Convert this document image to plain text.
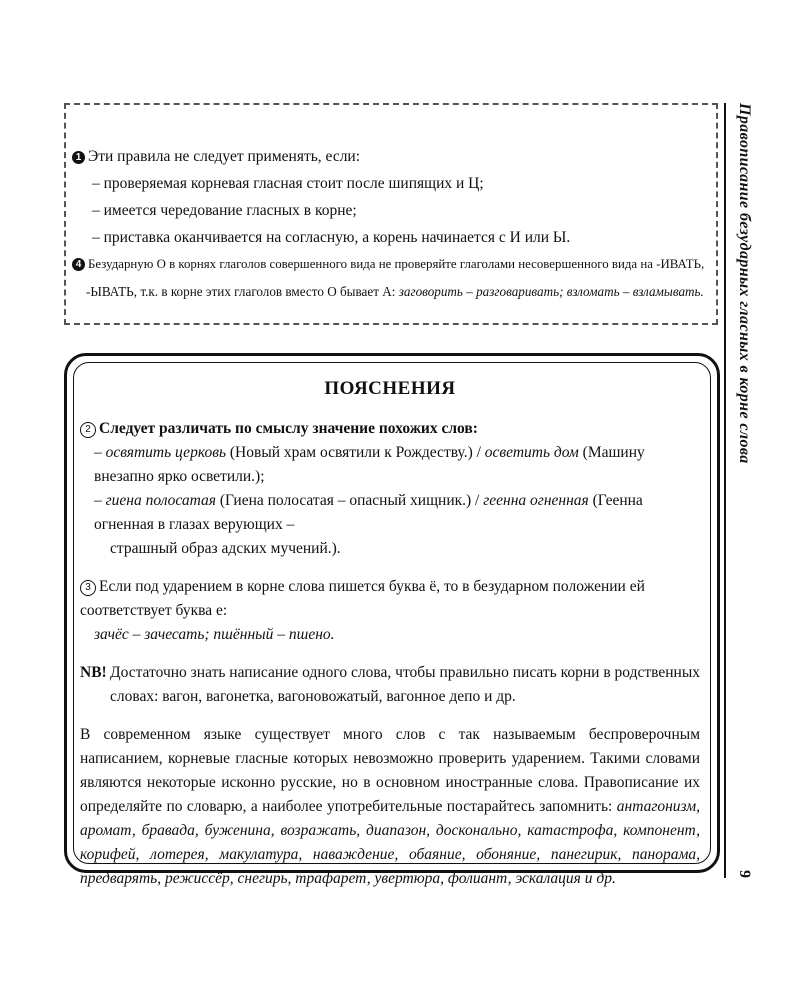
1 Эти правила не следует применять, если:
– проверяемая корневая гласная стоит после шипящих и Ц;
– имеется чередование гласных в корне;
– приставка оканчивается на согласную, а корень начинается с И или Ы.
4 Безударную О в корнях глаголов совершенного вида не проверяйте глаголами несовершенного вида на -ИВАТЬ,
-ЫВАТЬ, т.к. в корне этих глаголов вместо О бывает А: заговорить – разговаривать; взломать – взламывать.
ПОЯСНЕНИЯ
2 Следует различать по смыслу значение похожих слов:
– освятить церковь (Новый храм освятили к Рождеству.) / осветить дом (Машину внезапно ярко осветили.);
– гиена полосатая (Гиена полосатая – опасный хищник.) / геенна огненная (Геенна огненная в глазах верующих –
страшный образ адских мучений.).
3 Если под ударением в корне слова пишется буква ё, то в безударном положении ей соответствует буква е:
зачёс – зачесать; пшённый – пшено.
NB! Достаточно знать написание одного слова, чтобы правильно писать корни в родственных словах: вагон, вагонетка, вагоновожатый, вагонное депо и др.
В современном языке существует много слов с так называемым беспроверочным написанием, корневые гласные которых невозможно проверить ударением. Такими словами являются некоторые исконно русские, но в основном иностранные слова. Правописание их определяйте по словарю, а наиболее употребительные постарайтесь запомнить: антагонизм, аромат, бравада, буженина, возражать, диапазон, досконально, катастрофа, компонент, корифей, лотерея, макулатура, наваждение, обаяние, обоняние, панегирик, панорама, предварять, режиссёр, снегирь, трафарет, увертюра, фолиант, эскалация и др.
Правописание безударных гласных в корне слова
9
